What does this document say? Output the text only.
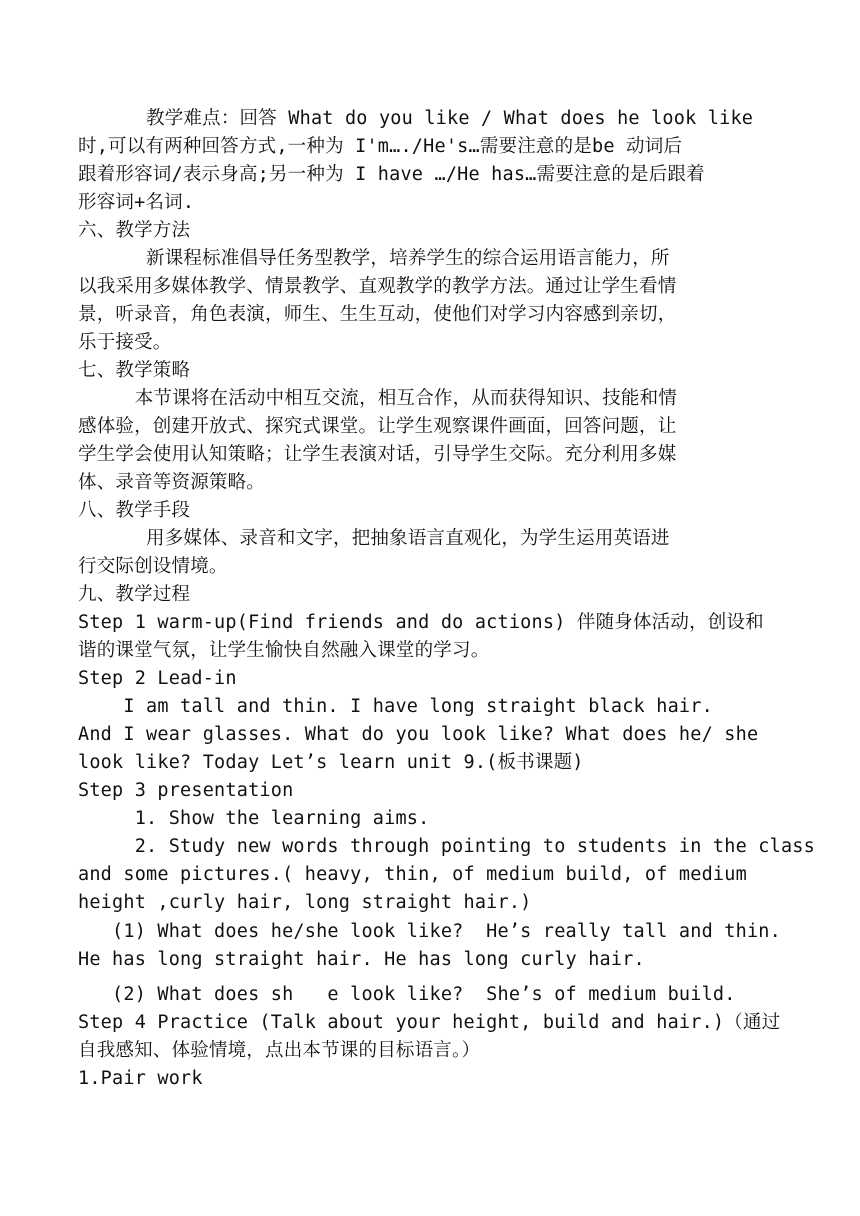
教学难点：回答 What do you like / What does he look like
时,可以有两种回答方式,一种为 I'm…./He's…需要注意的是be 动词后
跟着形容词/表示身高;另一种为 I have …/He has…需要注意的是后跟着
形容词+名词.
六、教学方法
新课程标准倡导任务型教学，培养学生的综合运用语言能力，所
以我采用多媒体教学、情景教学、直观教学的教学方法。通过让学生看情
景，听录音，角色表演，师生、生生互动，使他们对学习内容感到亲切，
乐于接受。
七、教学策略
本节课将在活动中相互交流，相互合作，从而获得知识、技能和情
感体验，创建开放式、探究式课堂。让学生观察课件画面，回答问题，让
学生学会使用认知策略；让学生表演对话，引导学生交际。充分利用多媒
体、录音等资源策略。
八、教学手段
用多媒体、录音和文字，把抽象语言直观化，为学生运用英语进
行交际创设情境。
九、教学过程
Step 1 warm-up(Find friends and do actions) 伴随身体活动，创设和
谐的课堂气氛，让学生愉快自然融入课堂的学习。
Step 2 Lead-in
I am tall and thin. I have long straight black hair.
And I wear glasses. What do you look like? What does he/ she
look like? Today Let’s learn unit 9.(板书课题)
Step 3 presentation
1. Show the learning aims.
2. Study new words through pointing to students in the class
and some pictures.( heavy, thin, of medium build, of medium
height ,curly hair, long straight hair.)
(1) What does he/she look like?  He’s really tall and thin.
He has long straight hair. He has long curly hair.
(2) What does sh   e look like?  She’s of medium build.
Step 4 Practice (Talk about your height, build and hair.)（通过
自我感知、体验情境，点出本节课的目标语言。）
1.Pair work
